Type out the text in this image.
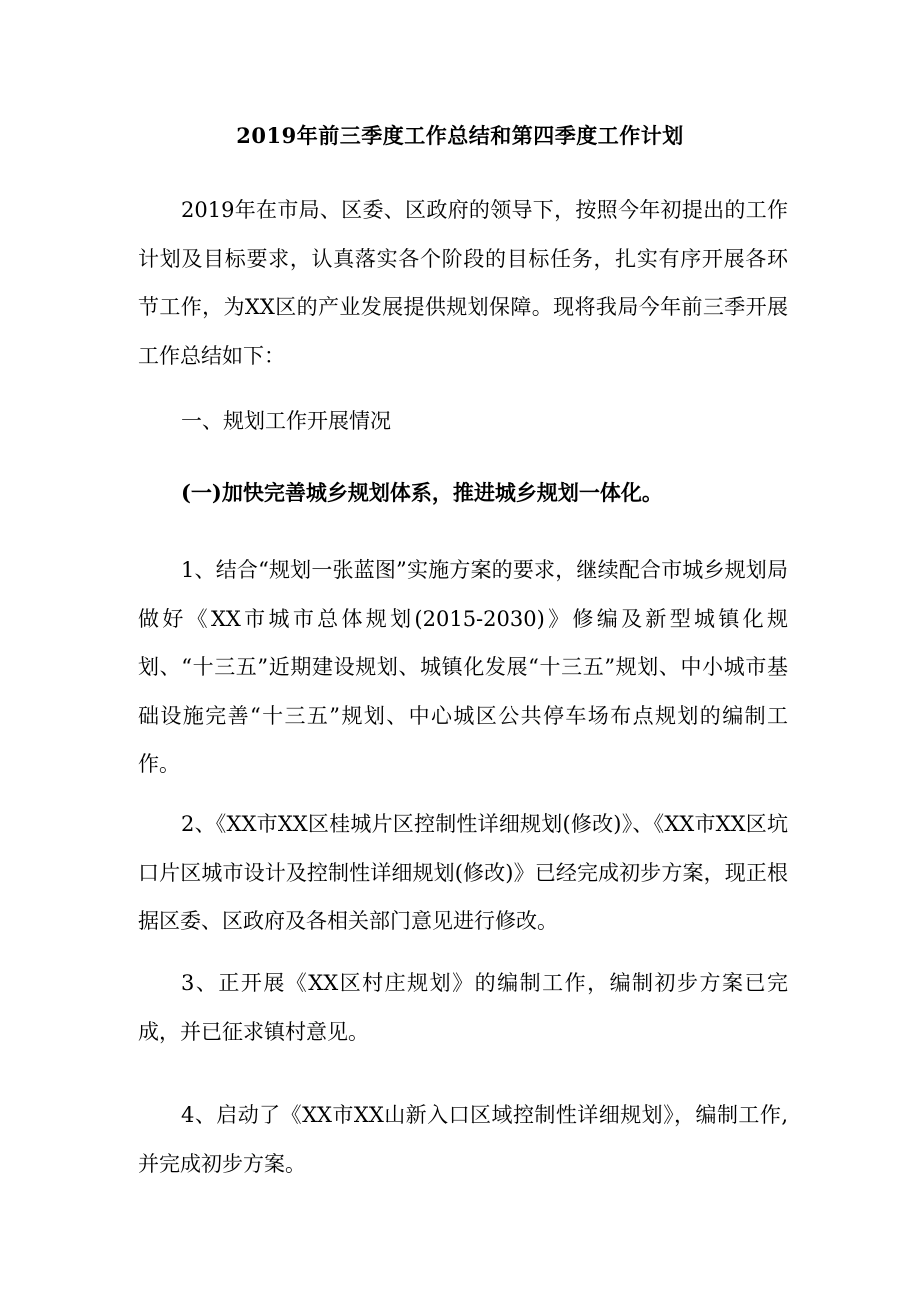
2019年前三季度工作总结和第四季度工作计划

2019年在市局、区委、区政府的领导下，按照今年初提出的工作计划及目标要求，认真落实各个阶段的目标任务，扎实有序开展各环节工作，为XX区的产业发展提供规划保障。现将我局今年前三季开展工作总结如下：

一、规划工作开展情况
(一)加快完善城乡规划体系，推进城乡规划一体化。

1、结合“规划一张蓝图”实施方案的要求，继续配合市城乡规划局做好《XX市城市总体规划(2015-2030)》修编及新型城镇化规划、“十三五”近期建设规划、城镇化发展“十三五”规划、中小城市基础设施完善“十三五”规划、中心城区公共停车场布点规划的编制工作。

2、《XX市XX区桂城片区控制性详细规划(修改)》、《XX市XX区坑口片区城市设计及控制性详细规划(修改)》已经完成初步方案，现正根据区委、区政府及各相关部门意见进行修改。

3、正开展《XX区村庄规划》的编制工作，编制初步方案已完成，并已征求镇村意见。

4、启动了《XX市XX山新入口区域控制性详细规划》，编制工作,并完成初步方案。
